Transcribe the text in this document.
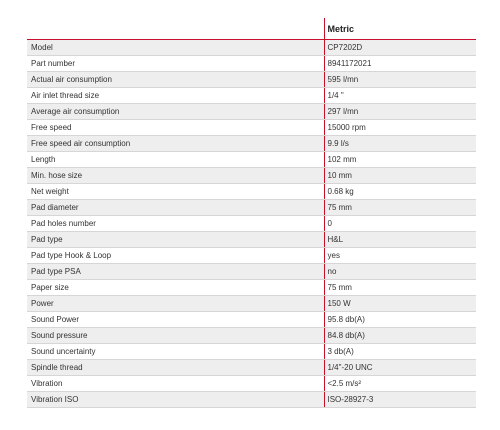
	Metric
Model	CP7202D
Part number	8941172021
Actual air consumption	595 l/mn
Air inlet thread size	1/4 "
Average air consumption	297 l/mn
Free speed	15000 rpm
Free speed air consumption	9.9 l/s
Length	102 mm
Min. hose size	10 mm
Net weight	0.68 kg
Pad diameter	75 mm
Pad holes number	0
Pad type	H&L
Pad type Hook & Loop	yes
Pad type PSA	no
Paper size	75 mm
Power	150 W
Sound Power	95.8 db(A)
Sound pressure	84.8 db(A)
Sound uncertainty	3 db(A)
Spindle thread	1/4"-20 UNC
Vibration	<2.5 m/s²
Vibration ISO	ISO-28927-3
